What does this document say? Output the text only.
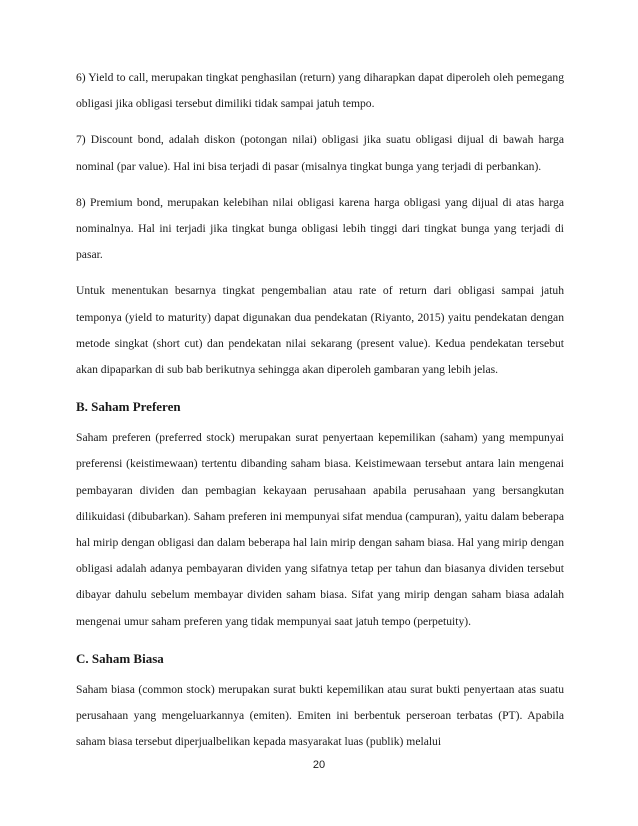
6) Yield to call, merupakan tingkat penghasilan (return) yang diharapkan dapat diperoleh oleh pemegang obligasi jika obligasi tersebut dimiliki tidak sampai jatuh tempo.

7) Discount bond, adalah diskon (potongan nilai) obligasi jika suatu obligasi dijual di bawah harga nominal (par value). Hal ini bisa terjadi di pasar (misalnya tingkat bunga yang terjadi di perbankan).

8) Premium bond, merupakan kelebihan nilai obligasi karena harga obligasi yang dijual di atas harga nominalnya. Hal ini terjadi jika tingkat bunga obligasi lebih tinggi dari tingkat bunga yang terjadi di pasar.

Untuk menentukan besarnya tingkat pengembalian atau rate of return dari obligasi sampai jatuh temponya (yield to maturity) dapat digunakan dua pendekatan (Riyanto, 2015) yaitu pendekatan dengan metode singkat (short cut) dan pendekatan nilai sekarang (present value). Kedua pendekatan tersebut akan dipaparkan di sub bab berikutnya sehingga akan diperoleh gambaran yang lebih jelas.

B. Saham Preferen

Saham preferen (preferred stock) merupakan surat penyertaan kepemilikan (saham) yang mempunyai preferensi (keistimewaan) tertentu dibanding saham biasa. Keistimewaan tersebut antara lain mengenai pembayaran dividen dan pembagian kekayaan perusahaan apabila perusahaan yang bersangkutan dilikuidasi (dibubarkan). Saham preferen ini mempunyai sifat mendua (campuran), yaitu dalam beberapa hal mirip dengan obligasi dan dalam beberapa hal lain mirip dengan saham biasa. Hal yang mirip dengan obligasi adalah adanya pembayaran dividen yang sifatnya tetap per tahun dan biasanya dividen tersebut dibayar dahulu sebelum membayar dividen saham biasa. Sifat yang mirip dengan saham biasa adalah mengenai umur saham preferen yang tidak mempunyai saat jatuh tempo (perpetuity).

C. Saham Biasa

Saham biasa (common stock) merupakan surat bukti kepemilikan atau surat bukti penyertaan atas suatu perusahaan yang mengeluarkannya (emiten). Emiten ini berbentuk perseroan terbatas (PT). Apabila saham biasa tersebut diperjualbelikan kepada masyarakat luas (publik) melalui

20
